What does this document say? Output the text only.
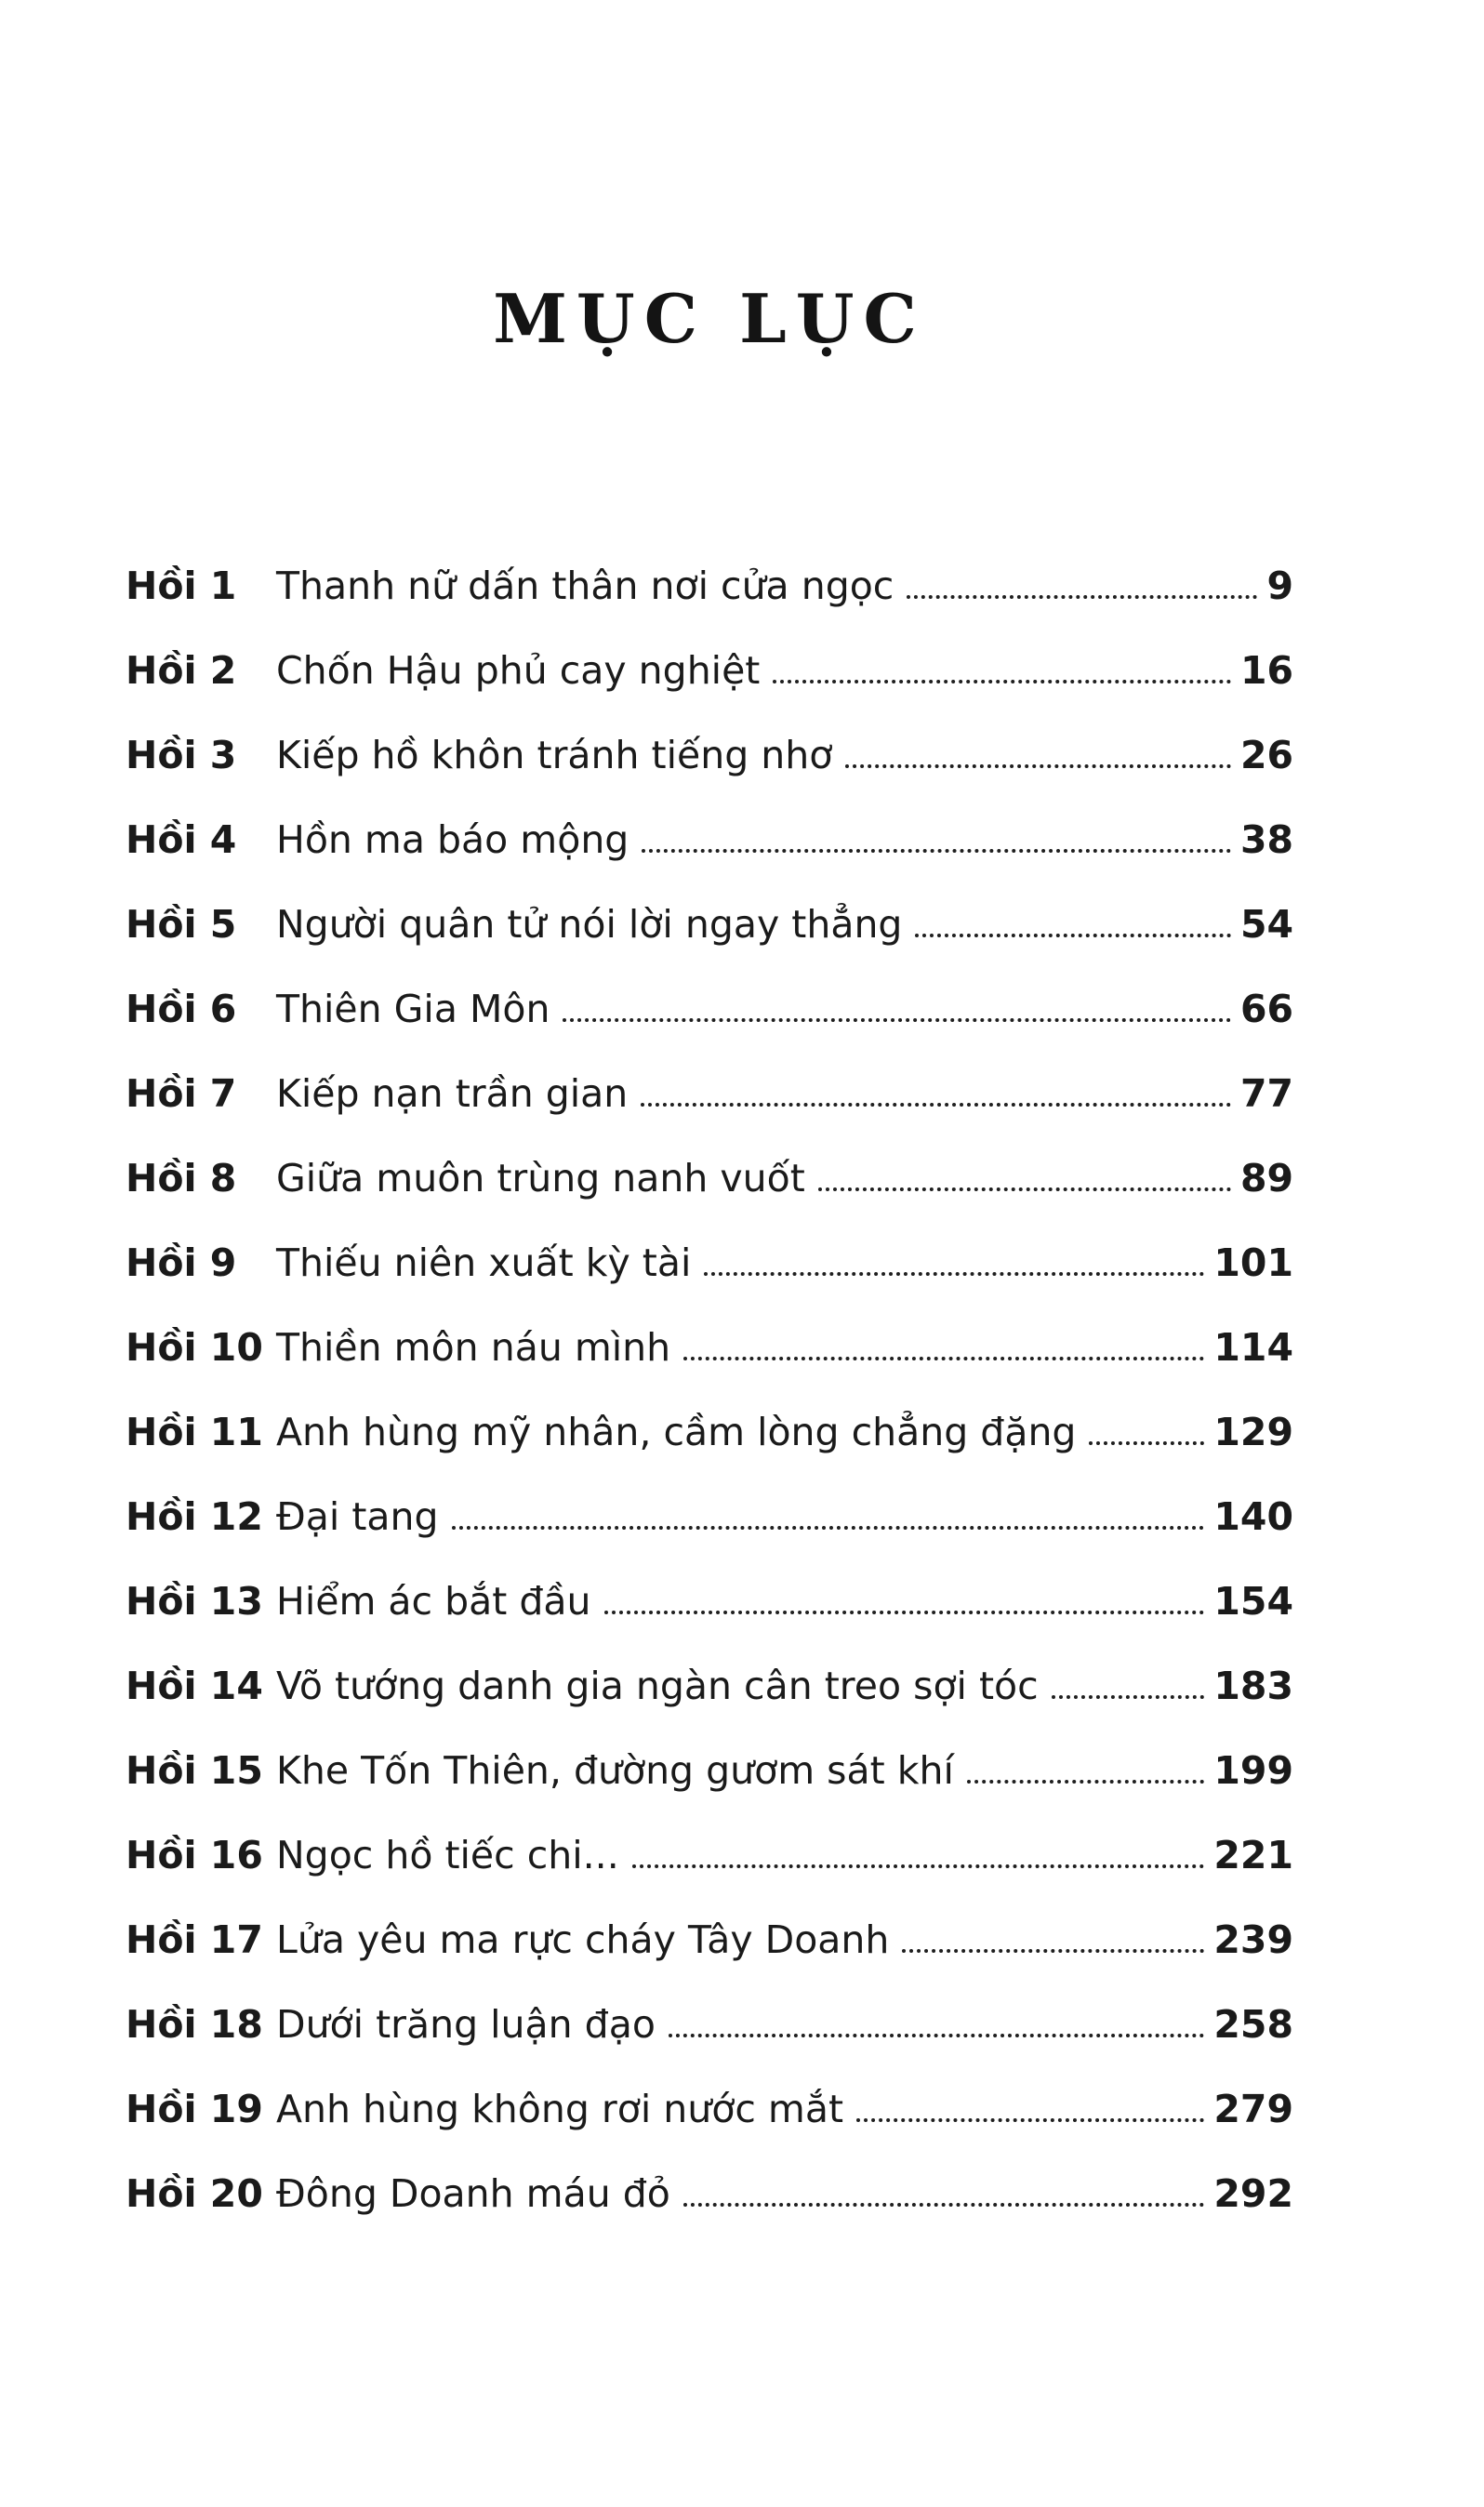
MỤC LỤC
Hồi 1	Thanh nữ dấn thân nơi cửa ngọc	9
Hồi 2	Chốn Hậu phủ cay nghiệt	16
Hồi 3	Kiếp hồ khôn tránh tiếng nhơ	26
Hồi 4	Hồn ma báo mộng	38
Hồi 5	Người quân tử nói lời ngay thẳng	54
Hồi 6	Thiên Gia Môn	66
Hồi 7	Kiếp nạn trần gian	77
Hồi 8	Giữa muôn trùng nanh vuốt	89
Hồi 9	Thiếu niên xuất kỳ tài	101
Hồi 10 Thiền môn náu mình	114
Hồi 11 Anh hùng mỹ nhân, cầm lòng chẳng đặng	129
Hồi 12 Đại tang	140
Hồi 13 Hiểm ác bắt đầu	154
Hồi 14 Võ tướng danh gia ngàn cân treo sợi tóc	183
Hồi 15 Khe Tốn Thiên, đường gươm sát khí	199
Hồi 16 Ngọc hồ tiếc chi...	221
Hồi 17 Lửa yêu ma rực cháy Tây Doanh	239
Hồi 18 Dưới trăng luận đạo	258
Hồi 19 Anh hùng không rơi nước mắt	279
Hồi 20 Đông Doanh máu đỏ	292
